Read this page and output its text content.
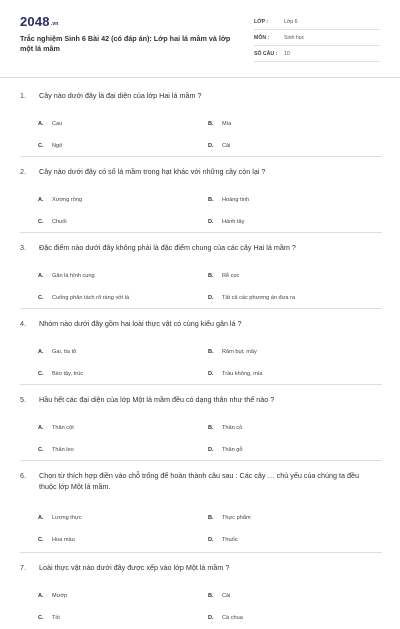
$2048^{.vn}$
Trắc nghiệm Sinh 6 Bài 42 (có đáp án): Lớp hai lá mầm và lớp một lá mầm
LỚP :	Lớp 6
MÔN :	Sinh học
SỐ CÂU :	10
1.	Cây nào dưới đây là đại diện của lớp Hai lá mầm ?
A.	Cau	B.	Mía
C.	Ngô	D.	Cải
2.	Cây nào dưới đây có số lá mầm trong hạt khác với những cây còn lại ?
A.	Xương rồng	B.	Hoàng tinh
C.	Chuối	D.	Hành tây
3.	Đặc điểm nào dưới đây không phải là đặc điểm chung của các cây Hai lá mầm ?
A.	Gân lá hình cung	B.	Rễ cọc
C.	Cuống phân tách rõ ràng với lá	D.	Tất cả các phương án đưa ra
4.	Nhóm nào dưới đây gồm hai loài thực vật có cùng kiểu gân lá ?
A.	Gai, tía tô	B.	Râm bụt, mây
C.	Bèo tây, trúc	D.	Trầu không, mía
5.	Hầu hết các đại diện của lớp Một lá mầm đều có dạng thân như thế nào ?
A.	Thân cột	B.	Thân cỏ
C.	Thân leo	D.	Thân gỗ
6.	Chọn từ thích hợp điền vào chỗ trống để hoàn thành câu sau : Các cây … chủ yếu của chúng ta đều thuộc lớp Một lá mầm.
A.	Lương thực	B.	Thực phẩm
C.	Hoa màu	D.	Thuốc
7.	Loài thực vật nào dưới đây được xếp vào lớp Một lá mầm ?
A.	Mướp	B.	Cải
C.	Tỏi	D.	Cà chua
